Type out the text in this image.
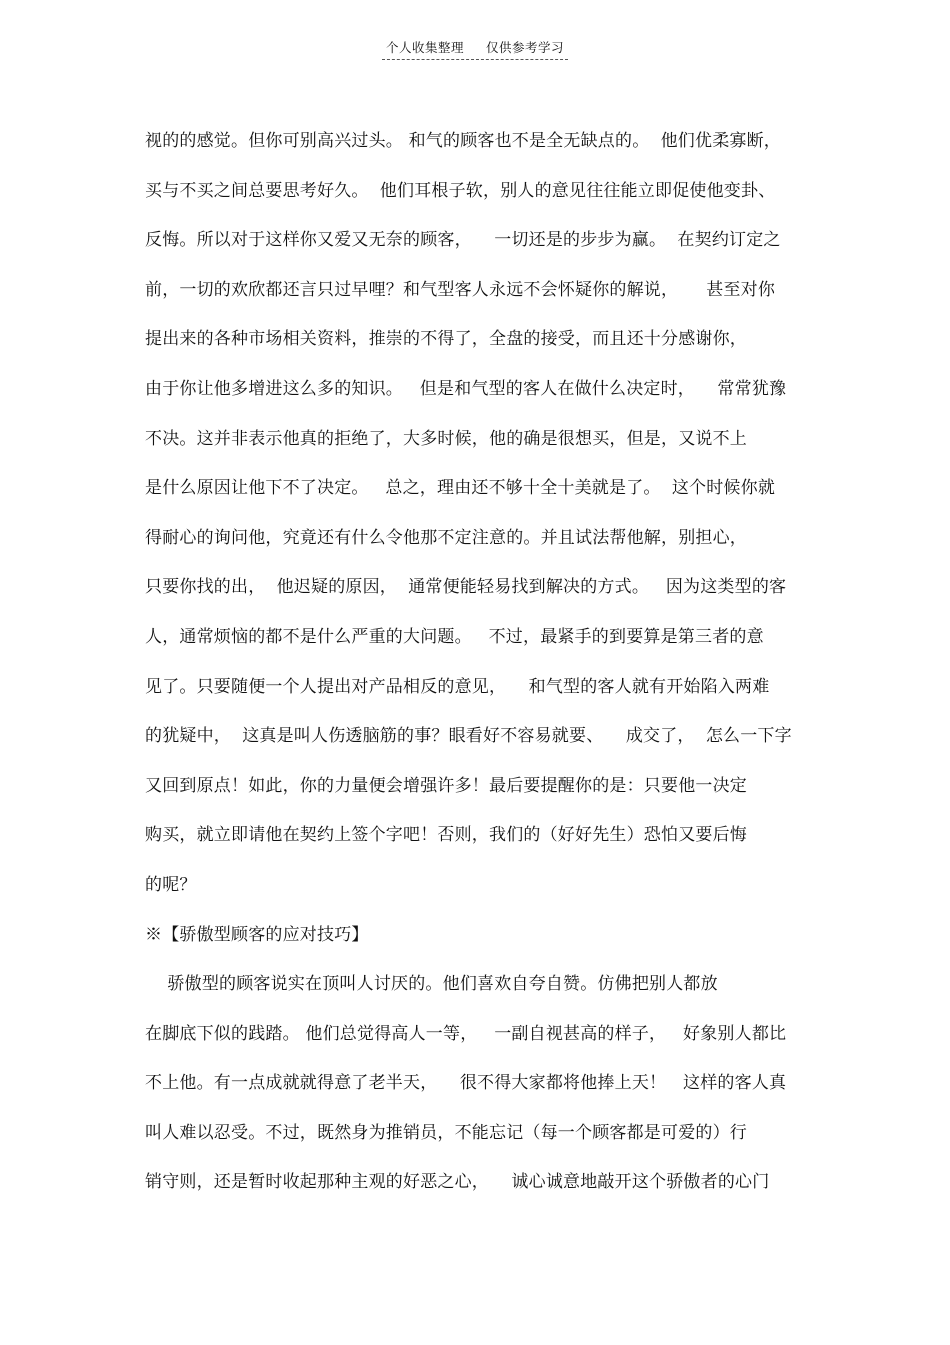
个人收集整理 仅供参考学习
视的的感觉。但你可别高兴过头。 和气的顾客也不是全无缺点的。  他们优柔寡断，
买与不买之间总要思考好久。  他们耳根子软，别人的意见往往能立即促使他变卦、
反悔。所以对于这样你又爱又无奈的顾客，    一切还是的步步为赢。  在契约订定之
前，一切的欢欣都还言只过早哩？和气型客人永远不会怀疑你的解说，     甚至对你
提出来的各种市场相关资料，推崇的不得了，全盘的接受，而且还十分感谢你，
由于你让他多增进这么多的知识。   但是和气型的客人在做什么决定时，    常常犹豫
不决。这并非表示他真的拒绝了，大多时候，他的确是很想买，但是，又说不上
是什么原因让他下不了决定。   总之，理由还不够十全十美就是了。  这个时候你就
得耐心的询问他，究竟还有什么令他那不定注意的。并且试法帮他解，别担心，
只要你找的出，  他迟疑的原因，  通常便能轻易找到解决的方式。   因为这类型的客
人，通常烦恼的都不是什么严重的大问题。   不过，最紧手的到要算是第三者的意
见了。只要随便一个人提出对产品相反的意见，    和气型的客人就有开始陷入两难
的犹疑中，  这真是叫人伤透脑筋的事？眼看好不容易就要、    成交了，  怎么一下字
又回到原点！如此，你的力量便会增强许多！最后要提醒你的是：只要他一决定
购买，就立即请他在契约上签个字吧！否则，我们的（好好先生）恐怕又要后悔
的呢？
※【骄傲型顾客的应对技巧】
骄傲型的顾客说实在顶叫人讨厌的。他们喜欢自夸自赞。仿佛把别人都放
在脚底下似的践踏。 他们总觉得高人一等，   一副自视甚高的样子，   好象别人都比
不上他。有一点成就就得意了老半天，    很不得大家都将他捧上天！   这样的客人真
叫人难以忍受。不过，既然身为推销员，不能忘记（每一个顾客都是可爱的）行
销守则，还是暂时收起那种主观的好恶之心，    诚心诚意地敲开这个骄傲者的心门
